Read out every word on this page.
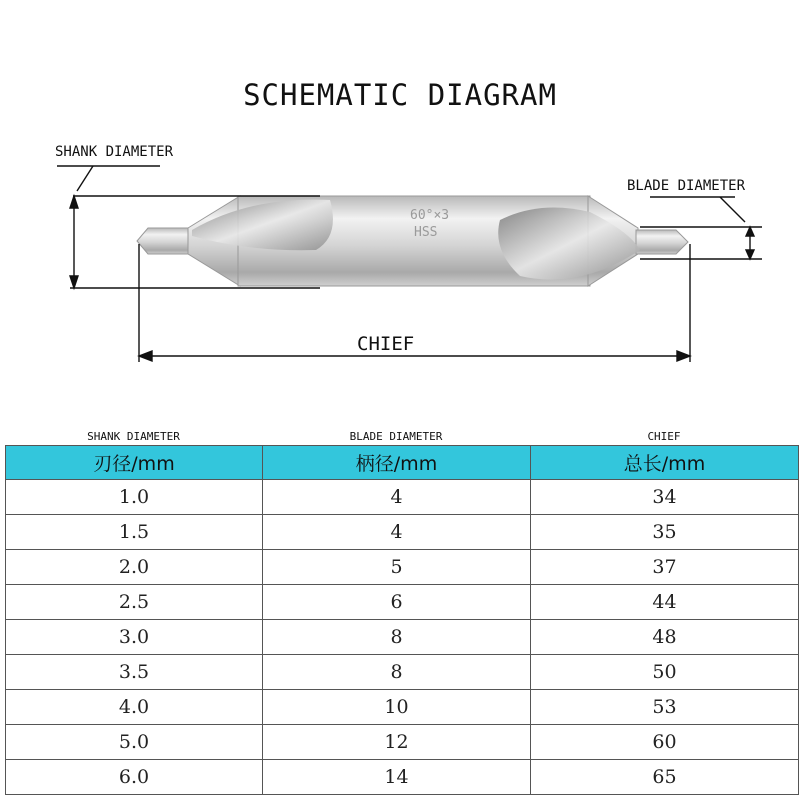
SCHEMATIC DIAGRAM
60°×3
HSS
SHANK DIAMETER
BLADE DIAMETER
CHIEF
SHANK DIAMETER	BLADE DIAMETER	CHIEF
刃径/mm	柄径/mm	总长/mm
1.0	4	34
1.5	4	35
2.0	5	37
2.5	6	44
3.0	8	48
3.5	8	50
4.0	10	53
5.0	12	60
6.0	14	65
